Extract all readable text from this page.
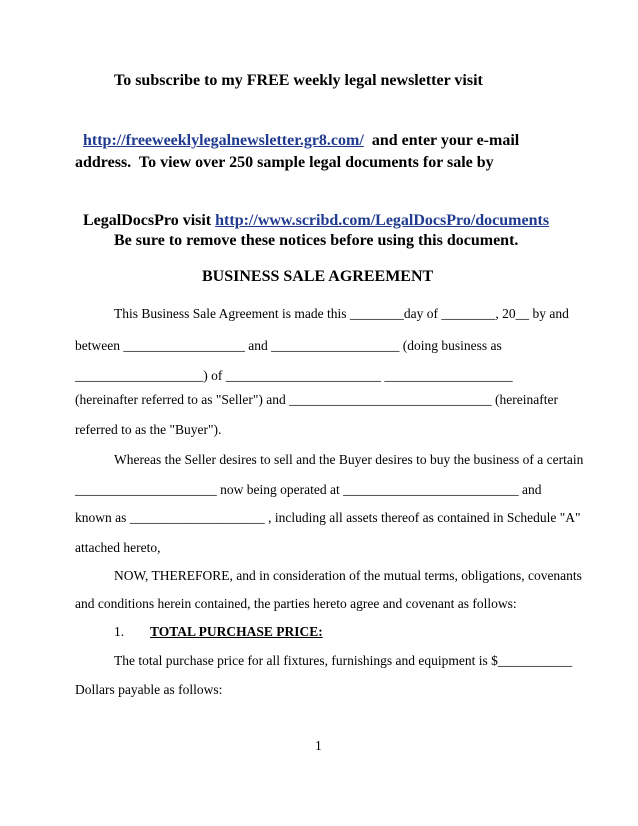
To subscribe to my FREE weekly legal newsletter visit

http://freeweeklylegalnewsletter.gr8.com/ and enter your e-mail

address.  To view over 250 sample legal documents for sale by

LegalDocsPro visit http://www.scribd.com/LegalDocsPro/documents

Be sure to remove these notices before using this document.
BUSINESS SALE AGREEMENT
This Business Sale Agreement is made this ________day of ________, 20__ by and
between __________________ and ___________________ (doing business as
___________________) of _______________________ ___________________
(hereinafter referred to as "Seller") and ______________________________ (hereinafter
referred to as the "Buyer").
Whereas the Seller desires to sell and the Buyer desires to buy the business of a certain
_____________________ now being operated at __________________________ and
known as ____________________ , including all assets thereof as contained in Schedule "A"
attached hereto,
NOW, THEREFORE, and in consideration of the mutual terms, obligations, covenants
and conditions herein contained, the parties hereto agree and covenant as follows:
1. TOTAL PURCHASE PRICE:
The total purchase price for all fixtures, furnishings and equipment is $___________
Dollars payable as follows:
1
